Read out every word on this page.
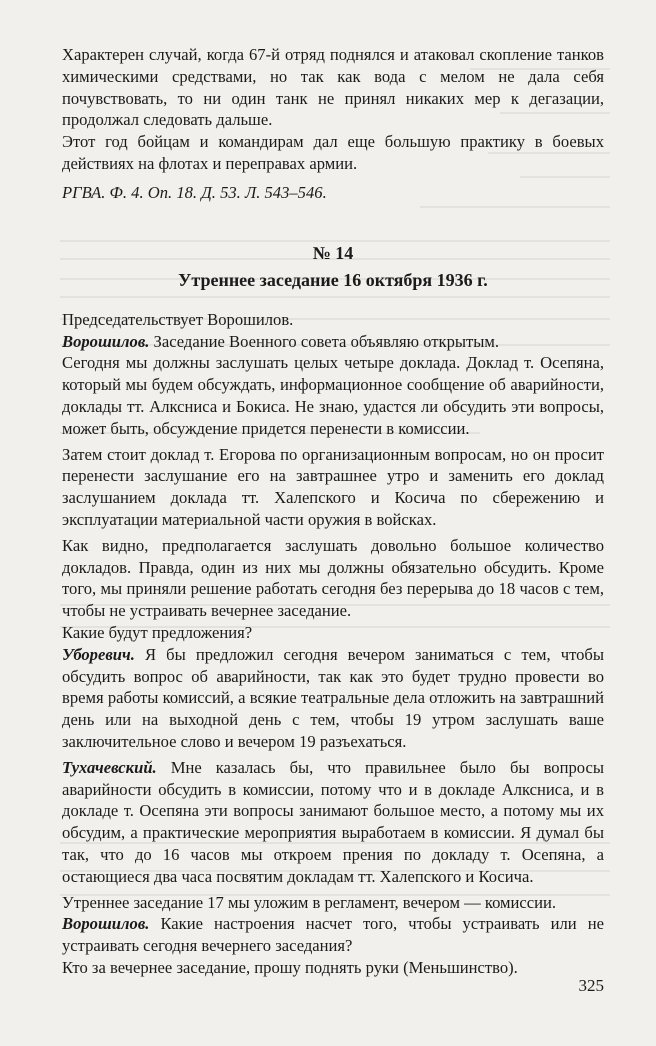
Характерен случай, когда 67-й отряд поднялся и атаковал скопление танков химическими средствами, но так как вода с мелом не дала себя почувствовать, то ни один танк не принял никаких мер к дегазации, продолжал следовать дальше.

Этот год бойцам и командирам дал еще большую практику в боевых действиях на флотах и переправах армии.

РГВА. Ф. 4. Оп. 18. Д. 53. Л. 543–546.

№ 14
Утреннее заседание 16 октября 1936 г.

Председательствует Ворошилов.

Ворошилов. Заседание Военного совета объявляю открытым.

Сегодня мы должны заслушать целых четыре доклада. Доклад т. Осепяна, который мы будем обсуждать, информационное сообщение об аварийности, доклады тт. Алксниса и Бокиса. Не знаю, удастся ли обсудить эти вопросы, может быть, обсуждение придется перенести в комиссии.

Затем стоит доклад т. Егорова по организационным вопросам, но он просит перенести заслушание его на завтрашнее утро и заменить его доклад заслушанием доклада тт. Халепского и Косича по сбережению и эксплуатации материальной части оружия в войсках.

Как видно, предполагается заслушать довольно большое количество докладов. Правда, один из них мы должны обязательно обсудить. Кроме того, мы приняли решение работать сегодня без перерыва до 18 часов с тем, чтобы не устраивать вечернее заседание.

Какие будут предложения?

Уборевич. Я бы предложил сегодня вечером заниматься с тем, чтобы обсудить вопрос об аварийности, так как это будет трудно провести во время работы комиссий, а всякие театральные дела отложить на завтрашний день или на выходной день с тем, чтобы 19 утром заслушать ваше заключительное слово и вечером 19 разъехаться.

Тухачевский. Мне казалась бы, что правильнее было бы вопросы аварийности обсудить в комиссии, потому что и в докладе Алксниса, и в докладе т. Осепяна эти вопросы занимают большое место, а потому мы их обсудим, а практические мероприятия выработаем в комиссии. Я думал бы так, что до 16 часов мы откроем прения по докладу т. Осепяна, а остающиеся два часа посвятим докладам тт. Халепского и Косича.

Утреннее заседание 17 мы уложим в регламент, вечером — комиссии.

Ворошилов. Какие настроения насчет того, чтобы устраивать или не устраивать сегодня вечернего заседания?

Кто за вечернее заседание, прошу поднять руки (Меньшинство).

325
